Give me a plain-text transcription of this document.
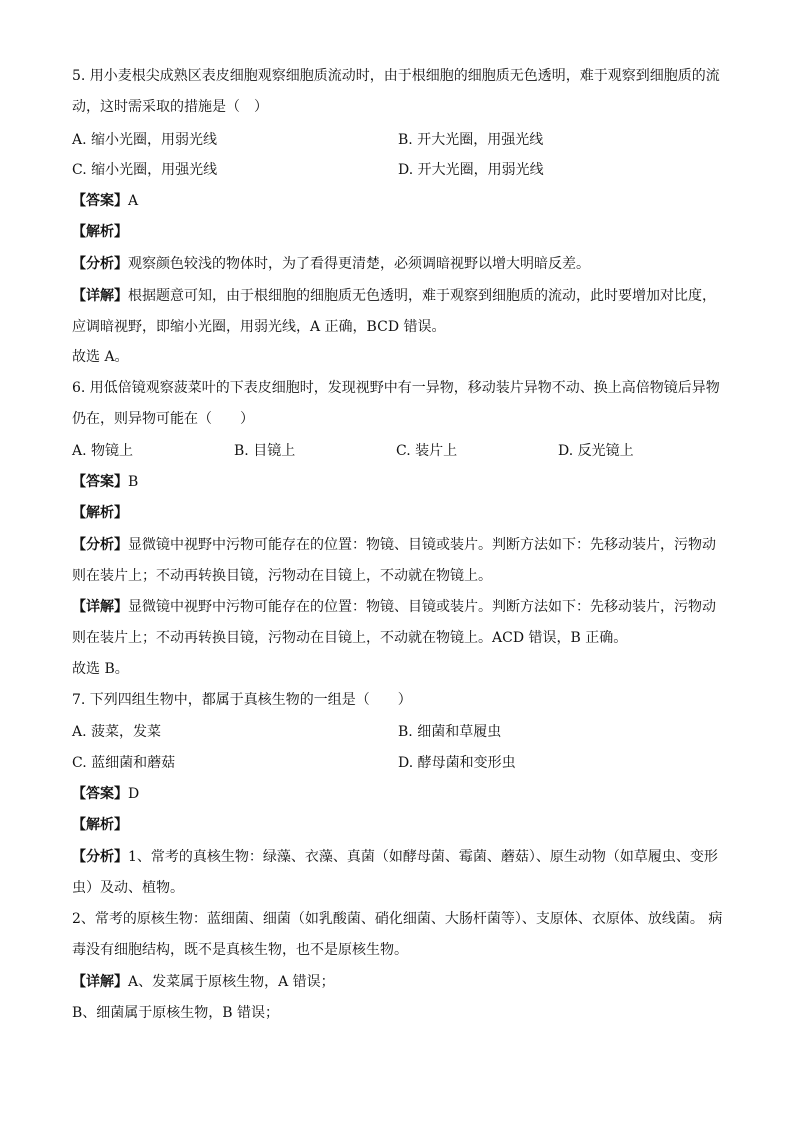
5. 用小麦根尖成熟区表皮细胞观察细胞质流动时，由于根细胞的细胞质无色透明，难于观察到细胞质的流
动，这时需采取的措施是（　）
A. 缩小光圈，用弱光线	B. 开大光圈，用强光线
C. 缩小光圈，用强光线	D. 开大光圈，用弱光线
【答案】A
【解析】
【分析】观察颜色较浅的物体时，为了看得更清楚，必须调暗视野以增大明暗反差。
【详解】根据题意可知，由于根细胞的细胞质无色透明，难于观察到细胞质的流动，此时要增加对比度，
应调暗视野，即缩小光圈，用弱光线，A 正确，BCD 错误。
故选 A。
6. 用低倍镜观察菠菜叶的下表皮细胞时，发现视野中有一异物，移动装片异物不动、换上高倍物镜后异物
仍在，则异物可能在（　　）
A. 物镜上	B. 目镜上	C. 装片上	D. 反光镜上
【答案】B
【解析】
【分析】显微镜中视野中污物可能存在的位置：物镜、目镜或装片。判断方法如下：先移动装片，污物动
则在装片上；不动再转换目镜，污物动在目镜上，不动就在物镜上。
【详解】显微镜中视野中污物可能存在的位置：物镜、目镜或装片。判断方法如下：先移动装片，污物动
则在装片上；不动再转换目镜，污物动在目镜上，不动就在物镜上。ACD 错误，B 正确。
故选 B。
7. 下列四组生物中，都属于真核生物的一组是（　　）
A. 菠菜，发菜	B. 细菌和草履虫
C. 蓝细菌和蘑菇	D. 酵母菌和变形虫
【答案】D
【解析】
【分析】1、常考的真核生物：绿藻、衣藻、真菌（如酵母菌、霉菌、蘑菇）、原生动物（如草履虫、变形
虫）及动、植物。
2、常考的原核生物：蓝细菌、细菌（如乳酸菌、硝化细菌、大肠杆菌等）、支原体、衣原体、放线菌。 病
毒没有细胞结构，既不是真核生物，也不是原核生物。
【详解】A、发菜属于原核生物，A 错误；
B、细菌属于原核生物，B 错误；
